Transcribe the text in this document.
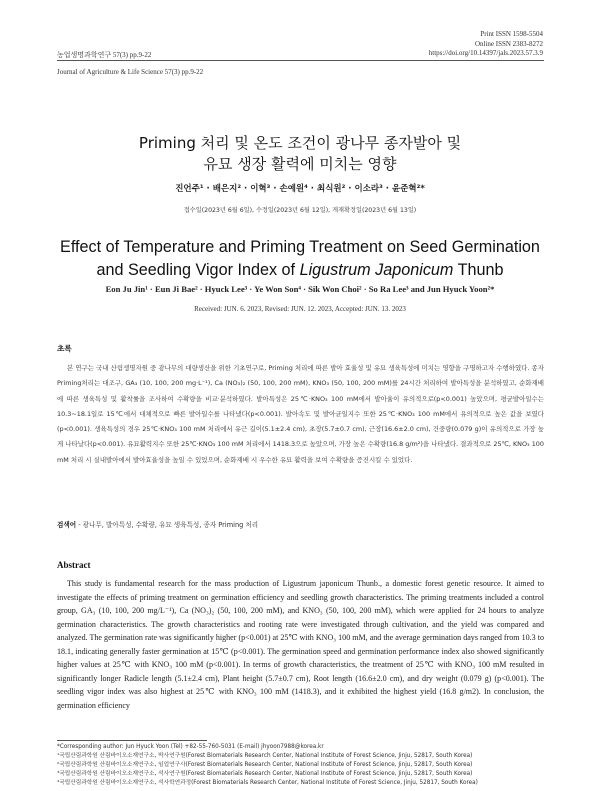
Print ISSN 1598-5504
Online ISSN 2383-8272
https://doi.org/10.14397/jals.2023.57.3.9
농업생명과학연구 57(3) pp.9-22
Journal of Agriculture & Life Science 57(3) pp.9-22
Priming 처리 및 온도 조건이 광나무 종자발아 및
유묘 생장 활력에 미치는 영향
진언주¹ · 배은지² · 이혁³ · 손예원⁴ · 최식원² · 이소라³ · 윤준혁²*
접수일(2023년 6월 6일), 수정일(2023년 6월 12일), 게재확정일(2023년 6월 13일)
Effect of Temperature and Priming Treatment on Seed Germination
and Seedling Vigor Index of Ligustrum Japonicum Thunb
Eon Ju Jin¹ · Eun Ji Bae² · Hyuck Lee³ · Ye Won Son⁴ · Sik Won Choi² · So Ra Lee³ and Jun Hyuck Yoon²*
Received: JUN. 6. 2023, Revised: JUN. 12. 2023, Accepted: JUN. 13. 2023
초록

본 연구는 국내 산림생명자원 중 광나무의 대량생산을 위한 기초연구로, Priming 처리에 따른 발아 효율성 및 유묘 생육특성에 미치는 영향을 구명하고자 수행하였다. 종자 Priming처리는 대조구, GA₃ (10, 100, 200 mg·L⁻¹), Ca (NO₃)₂ (50, 100, 200 mM), KNO₃ (50, 100, 200 mM)를 24시간 처리하여 발아특성을 분석하였고, 순화재배에 따른 생육특성 및 활착률을 조사하여 수확량을 비교·분석하였다. 발아특성은 25℃·KNO₃ 100 mM에서 발아율이 유의적으로(p<0.001) 높았으며, 평균발아일수는 10.3~18.1일로 15℃에서 대체적으로 빠른 발아일수를 나타냈다(p<0.001). 발아속도 및 발아균일지수 또한 25℃·KNO₃ 100 mM에서 유의적으로 높은 값을 보였다(p<0.001). 생육특성의 경우 25℃·KNO₃ 100 mM 처리에서 유근 길이(5.1±2.4 cm), 초장(5.7±0.7 cm), 근장(16.6±2.0 cm), 건중량(0.079 g)이 유의적으로 가장 높게 나타났다(p<0.001). 유묘활력지수 또한 25℃·KNO₃ 100 mM 처리에서 1418.3으로 높았으며, 가장 높은 수확량(16.8 g/m²)을 나타냈다. 결과적으로 25℃, KNO₃ 100 mM 처리 시 실내발아에서 발아효율성을 높일 수 있었으며, 순화재배 시 우수한 유묘 활력을 보여 수확량을 증진시킬 수 있었다.

검색어 - 광나무, 발아특성, 수확량, 유묘 생육특성, 종자 Priming 처리
Abstract

This study is fundamental research for the mass production of Ligustrum japonicum Thunb., a domestic forest genetic resource. It aimed to investigate the effects of priming treatment on germination efficiency and seedling growth characteristics. The priming treatments included a control group, GA₃ (10, 100, 200 mg/L⁻¹), Ca (NO₃)₂ (50, 100, 200 mM), and KNO₃ (50, 100, 200 mM), which were applied for 24 hours to analyze germination characteristics. The growth characteristics and rooting rate were investigated through cultivation, and the yield was compared and analyzed. The germination rate was significantly higher (p<0.001) at 25℃ with KNO₃ 100 mM, and the average germination days ranged from 10.3 to 18.1, indicating generally faster germination at 15℃ (p<0.001). The germination speed and germination performance index also showed significantly higher values at 25℃ with KNO₃ 100 mM (p<0.001). In terms of growth characteristics, the treatment of 25℃ with KNO₃ 100 mM resulted in significantly longer Radicle length (5.1±2.4 cm), Plant height (5.7±0.7 cm), Root length (16.6±2.0 cm), and dry weight (0.079 g) (p<0.001). The seedling vigor index was also highest at 25℃ with KNO₃ 100 mM (1418.3), and it exhibited the highest yield (16.8 g/m2). In conclusion, the germination efficiency

*Corresponding author: Jun Hyuck Yoon (Tel) +82-55-760-5031 (E-mail) jhyoon7988@korea.kr
¹국립산림과학원 산림바이오소재연구소, 박사연구원(Forest Biomaterials Research Center, National Institute of Forest Science, Jinju, 52817, South Korea)
²국립산림과학원 산림바이오소재연구소, 임업연구사(Forest Biomaterials Research Center, National Institute of Forest Science, Jinju, 52817, South Korea)
³국립산림과학원 산림바이오소재연구소, 석사연구원(Forest Biomaterials Research Center, National Institute of Forest Science, Jinju, 52817, South Korea)
⁴국립산림과학원 산림바이오소재연구소, 석사학연과정(Forest Biomaterials Research Center, National Institute of Forest Science, Jinju, 52817, South Korea)
